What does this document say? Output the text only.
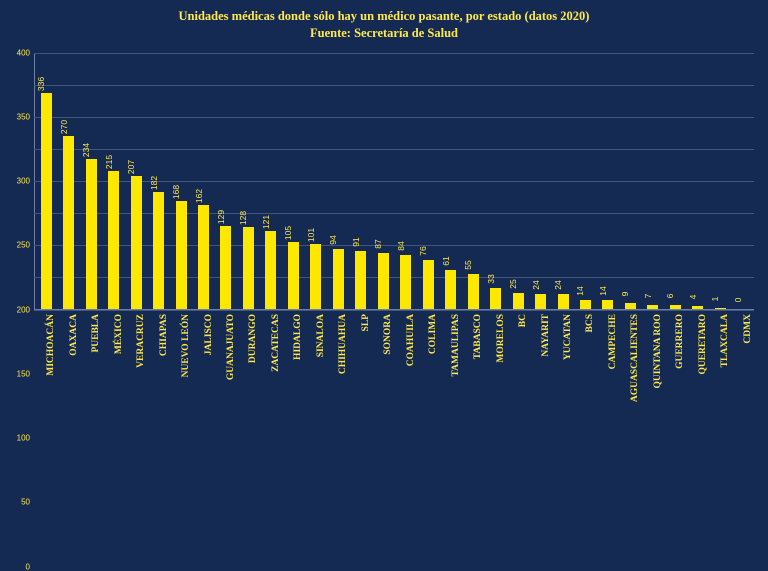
Unidades médicas donde sólo hay un médico pasante, por estado (datos 2020)
Fuente: Secretaría de Salud
0
50
100
150
200
250
300
350
400
336
270
234
215 207
182
168 162
129 128 121
105 101 94 91 87 84
76
61 55
33
25 24 24
14 14 9 7 6 4 1 0
MICHOACÁN OAXACA PUEBLA MÉXICO VERACRUZ CHIAPAS NUEVO LEÓN JALISCO GUANAJUATO DURANGO ZACATECAS HIDALGO SINALOA CHIHUAHUA SLP SONORA COAHUILA COLIMA TAMAULIPAS TABASCO MORELOS BC NAYARIT YUCATAN BCS CAMPECHE AGUASCALIENTES QUINTANA ROO GUERRERO QUERETARO TLAXCALA CDMX
